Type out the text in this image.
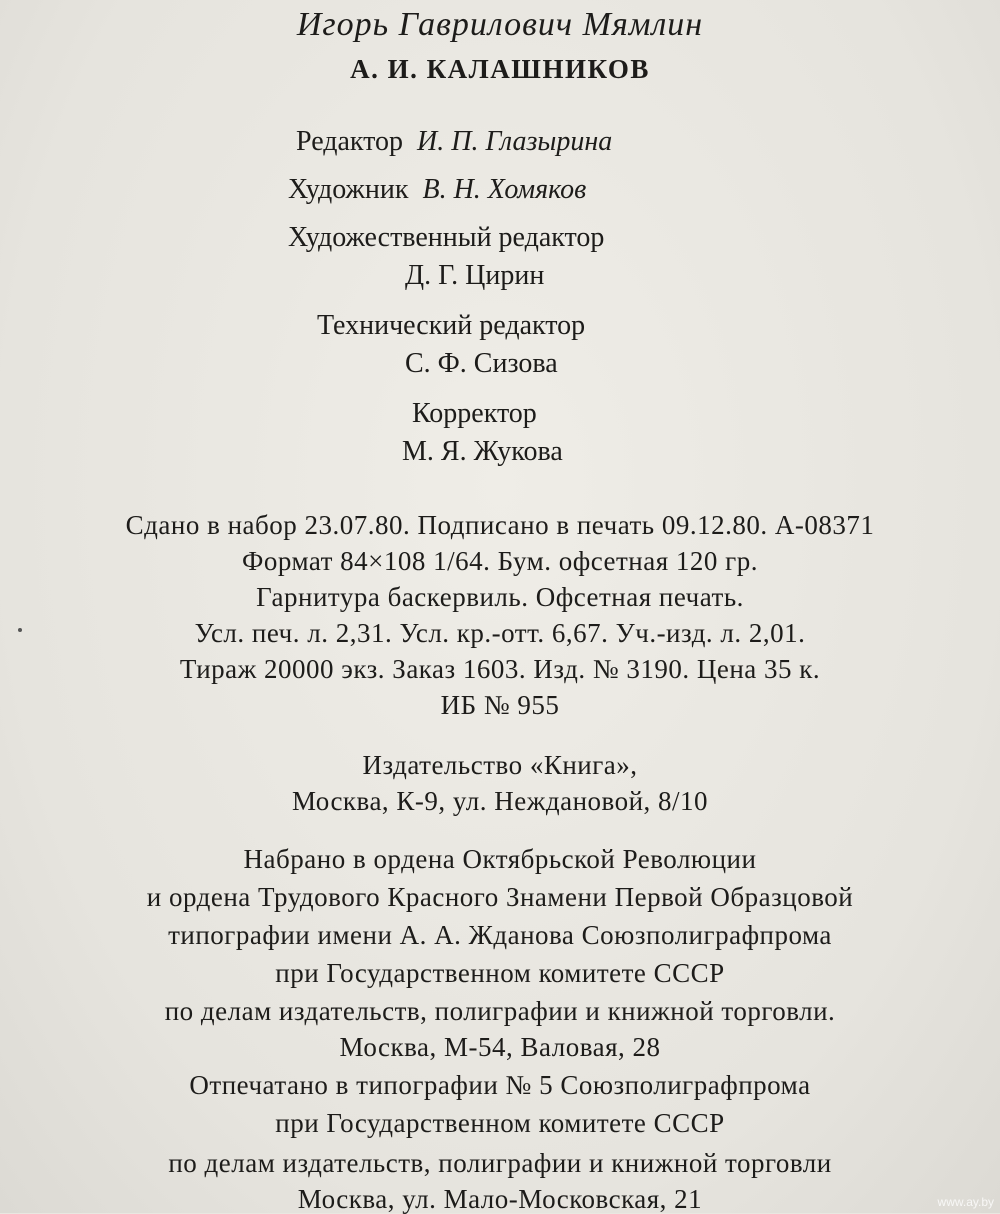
Игорь Гаврилович Мямлин
А. И. КАЛАШНИКОВ
Редактор И. П. Глазырина
Художник В. Н. Хомяков
Художественный редактор
Д. Г. Цирин
Технический редактор
С. Ф. Сизова
Корректор
М. Я. Жукова
Сдано в набор 23.07.80. Подписано в печать 09.12.80. А-08371
Формат 84×108 1/64. Бум. офсетная 120 гр.
Гарнитура баскервиль. Офсетная печать.
Усл. печ. л. 2,31. Усл. кр.-отт. 6,67. Уч.-изд. л. 2,01.
Тираж 20000 экз. Заказ 1603. Изд. № 3190. Цена 35 к.
ИБ № 955
Издательство «Книга»,
Москва, К-9, ул. Неждановой, 8/10
Набрано в ордена Октябрьской Революции
и ордена Трудового Красного Знамени Первой Образцовой
типографии имени А. А. Жданова Союзполиграфпрома
при Государственном комитете СССР
по делам издательств, полиграфии и книжной торговли.
Москва, М-54, Валовая, 28
Отпечатано в типографии № 5 Союзполиграфпрома
при Государственном комитете СССР
по делам издательств, полиграфии и книжной торговли
Москва, ул. Мало-Московская, 21	www.ay.by
